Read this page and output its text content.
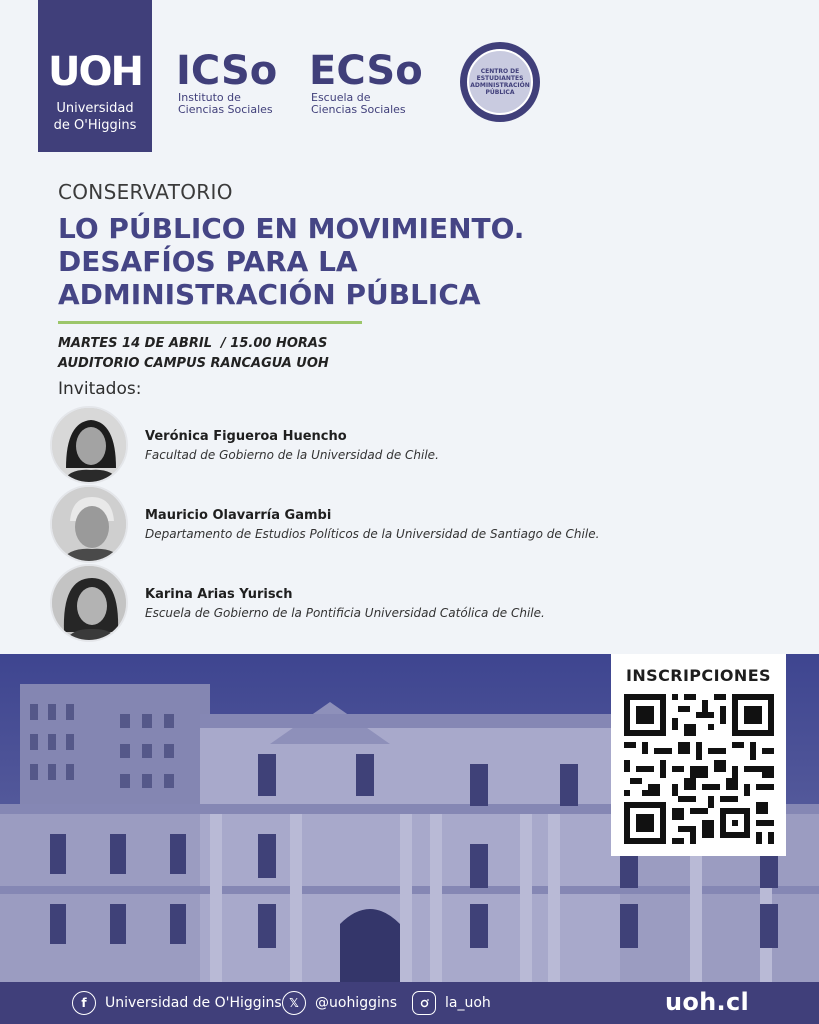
UOH
Universidad
de O'Higgins
ICSo
Instituto de
Ciencias Sociales
ECSo
Escuela de
Ciencias Sociales
CENTRO DE ESTUDIANTES ADMINISTRACIÓN PÚBLICA
CONSERVATORIO
LO PÚBLICO EN MOVIMIENTO.
DESAFÍOS PARA LA
ADMINISTRACIÓN PÚBLICA
MARTES 14 DE ABRIL  / 15.00 HORAS
AUDITORIO CAMPUS RANCAGUA UOH
Invitados:
Verónica Figueroa Huencho
Facultad de Gobierno de la Universidad de Chile.
Mauricio Olavarría Gambi
Departamento de Estudios Políticos de la Universidad de Santiago de Chile.
Karina Arias Yurisch
Escuela de Gobierno de la Pontificia Universidad Católica de Chile.
INSCRIPCIONES
f	Universidad de O'Higgins 𝕏	@uohiggins	la_uoh	uoh.cl
